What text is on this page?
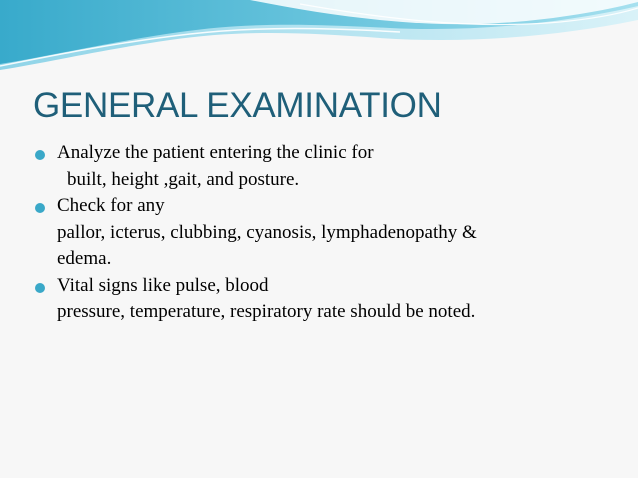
GENERAL EXAMINATION
Analyze the patient entering the clinic for
built, height ,gait, and posture.
Check for any
pallor, icterus, clubbing, cyanosis, lymphadenopathy &
edema.
Vital signs like pulse, blood
pressure, temperature, respiratory rate should be noted.
